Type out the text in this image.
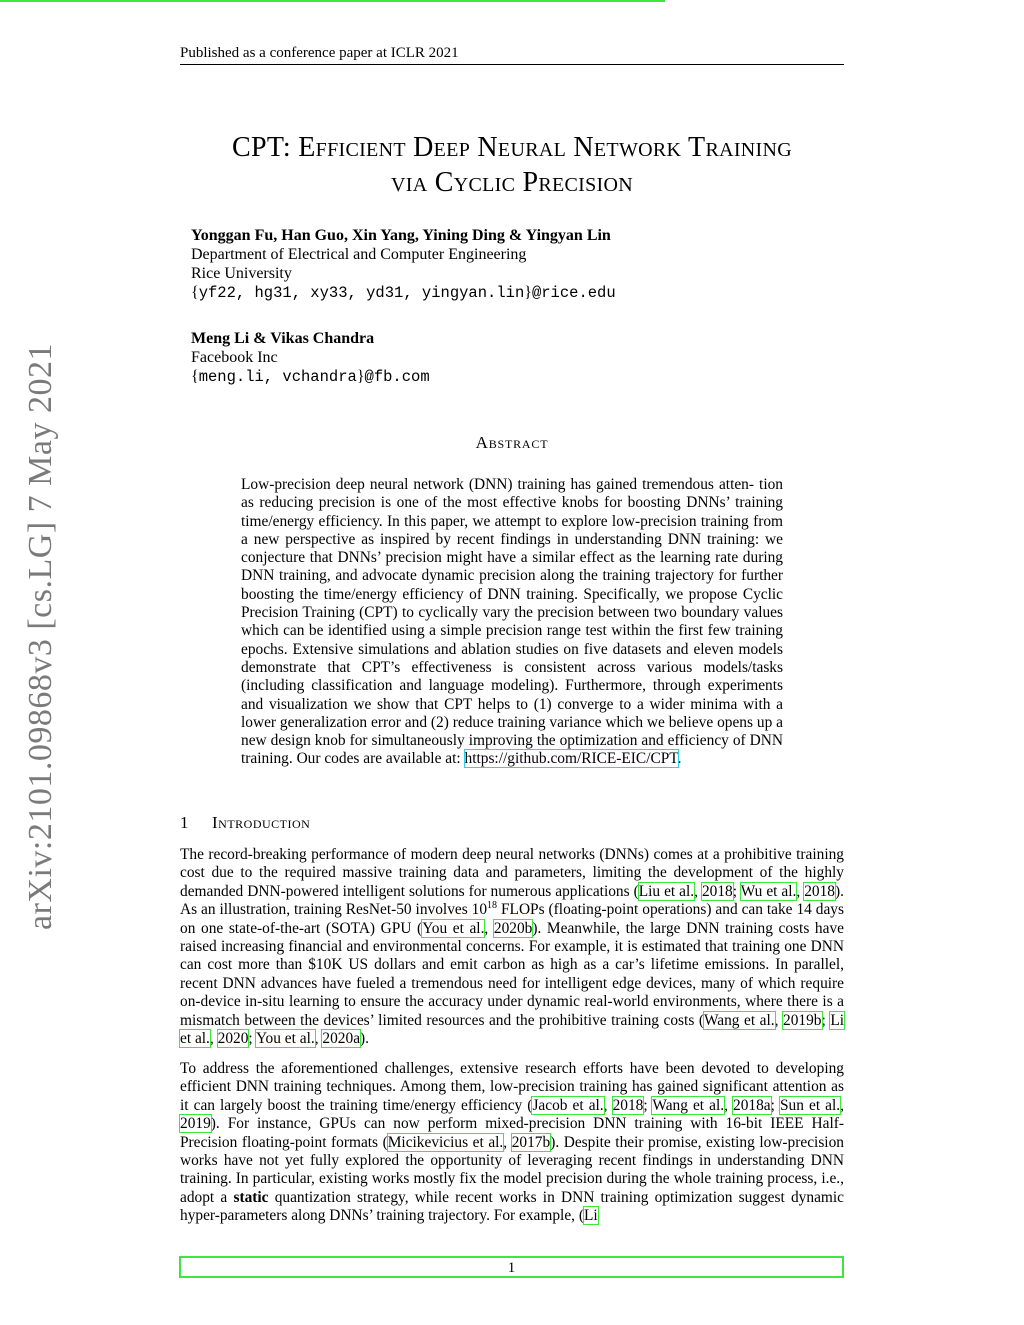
Published as a conference paper at ICLR 2021
CPT: Efficient Deep Neural Network Training
via Cyclic Precision
Yonggan Fu, Han Guo, Xin Yang, Yining Ding & Yingyan Lin
Department of Electrical and Computer Engineering
Rice University
{yf22, hg31, xy33, yd31, yingyan.lin}@rice.edu
Meng Li & Vikas Chandra
Facebook Inc
{meng.li, vchandra}@fb.com
arXiv:2101.09868v3 [cs.LG] 7 May 2021	Abstract
Low-precision deep neural network (DNN) training has gained tremendous atten- tion as reducing precision is one of the most effective knobs for boosting DNNs’ training time/energy efficiency. In this paper, we attempt to explore low-precision training from a new perspective as inspired by recent findings in understanding DNN training: we conjecture that DNNs’ precision might have a similar effect as the learning rate during DNN training, and advocate dynamic precision along the training trajectory for further boosting the time/energy efficiency of DNN training. Specifically, we propose Cyclic Precision Training (CPT) to cyclically vary the precision between two boundary values which can be identified using a simple precision range test within the first few training epochs. Extensive simulations and ablation studies on five datasets and eleven models demonstrate that CPT’s effectiveness is consistent across various models/tasks (including classification and language modeling). Furthermore, through experiments and visualization we show that CPT helps to (1) converge to a wider minima with a lower generalization error and (2) reduce training variance which we believe opens up a new design knob for simultaneously improving the optimization and efficiency of DNN training. Our codes are available at: https://github.com/RICE-EIC/CPT.
1 Introduction
The record-breaking performance of modern deep neural networks (DNNs) comes at a prohibitive training cost due to the required massive training data and parameters, limiting the development of the highly demanded DNN-powered intelligent solutions for numerous applications (Liu et al., 2018; Wu et al., 2018). As an illustration, training ResNet-50 involves $10^{18}$ FLOPs (floating-point operations) and can take 14 days on one state-of-the-art (SOTA) GPU (You et al., 2020b). Meanwhile, the large DNN training costs have raised increasing financial and environmental concerns. For example, it is estimated that training one DNN can cost more than $10K US dollars and emit carbon as high as a car’s lifetime emissions. In parallel, recent DNN advances have fueled a tremendous need for intelligent edge devices, many of which require on-device in-situ learning to ensure the accuracy under dynamic real-world environments, where there is a mismatch between the devices’ limited resources and the prohibitive training costs (Wang et al., 2019b; Li et al., 2020; You et al., 2020a).
To address the aforementioned challenges, extensive research efforts have been devoted to developing efficient DNN training techniques. Among them, low-precision training has gained significant attention as it can largely boost the training time/energy efficiency (Jacob et al., 2018; Wang et al., 2018a; Sun et al., 2019). For instance, GPUs can now perform mixed-precision DNN training with 16-bit IEEE Half-Precision floating-point formats (Micikevicius et al., 2017b). Despite their promise, existing low-precision works have not yet fully explored the opportunity of leveraging recent findings in understanding DNN training. In particular, existing works mostly fix the model precision during the whole training process, i.e., adopt a static quantization strategy, while recent works in DNN training optimization suggest dynamic hyper-parameters along DNNs’ training trajectory. For example, (Li
1
